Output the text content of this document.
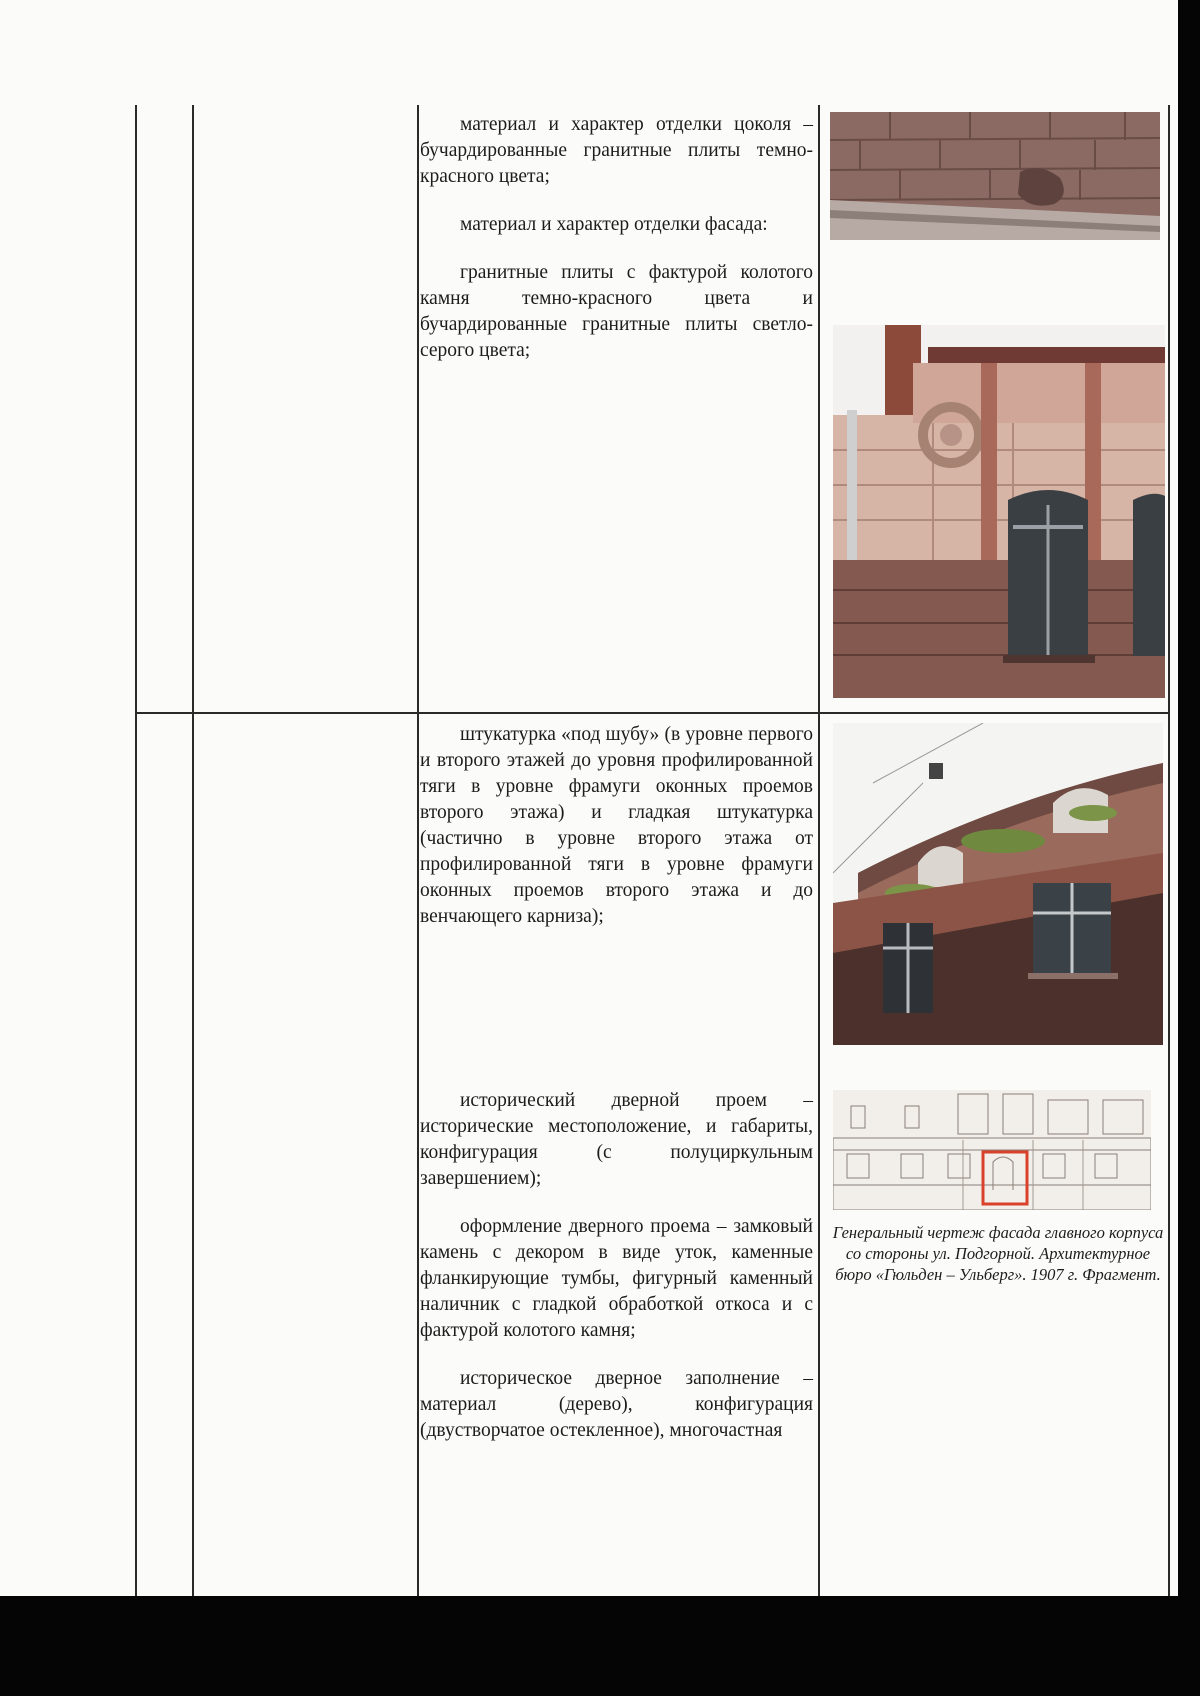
материал и характер отделки цоколя – бучардированные гранитные плиты темно-красного цвета;

материал и характер отделки фасада:

гранитные плиты с фактурой колотого камня темно-красного цвета и бучардированные гранитные плиты светло-серого цвета;

штукатурка «под шубу» (в уровне первого и второго этажей до уровня профилированной тяги в уровне фрамуги оконных проемов второго этажа) и гладкая штукатурка (частично в уровне второго этажа от профилированной тяги в уровне фрамуги оконных проемов второго этажа и до венчающего карниза);

исторический дверной проем – исторические местоположение, и габариты, конфигурация (с полуциркульным завершением);

оформление дверного проема – замковый камень с декором в виде уток, каменные фланкирующие тумбы, фигурный каменный наличник с гладкой обработкой откоса и с фактурой колотого камня;

историческое дверное заполнение – материал (дерево), конфигурация (двустворчатое остекленное), многочастная

Генеральный чертеж фасада главного корпуса со стороны ул. Подгорной. Архитектурное бюро «Гюльден – Ульберг». 1907 г. Фрагмент.
